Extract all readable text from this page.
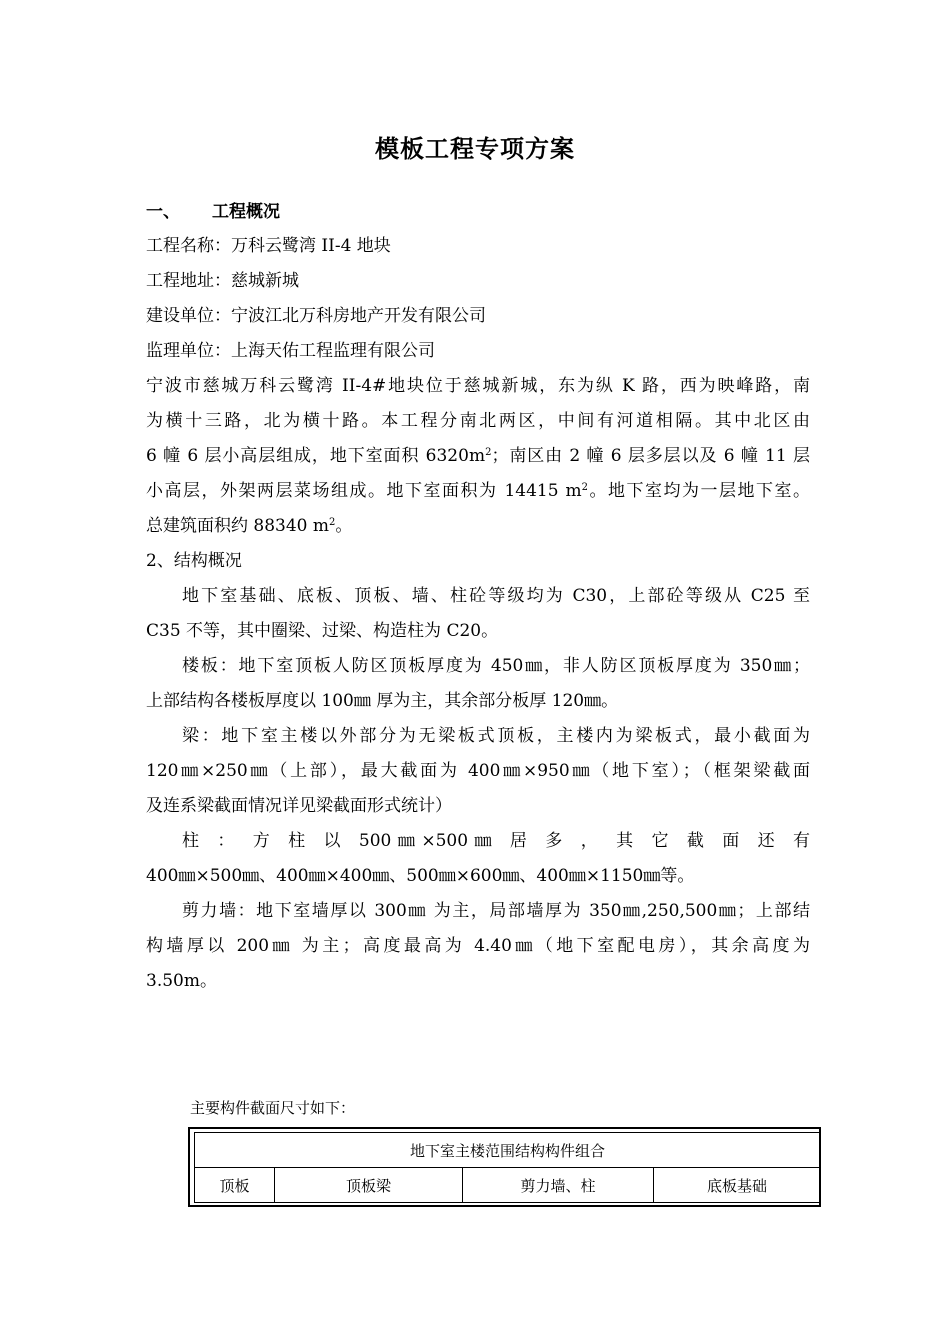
模板工程专项方案
一、 工程概况
工程名称：万科云鹭湾 II-4 地块
工程地址：慈城新城
建设单位：宁波江北万科房地产开发有限公司
监理单位：上海天佑工程监理有限公司
宁波市慈城万科云鹭湾 II-4#地块位于慈城新城，东为纵 K 路，西为映峰路，南
为横十三路，北为横十路。本工程分南北两区，中间有河道相隔。其中北区由
6 幢 6 层小高层组成，地下室面积 $6320m^2$；南区由 2 幢 6 层多层以及 6 幢 11 层
小高层，外架两层菜场组成。地下室面积为 14415 $m^2$。地下室均为一层地下室。
总建筑面积约 88340 $m^2$。
2、结构概况
地下室基础、底板、顶板、墙、柱砼等级均为 C30，上部砼等级从 C25 至
C35 不等，其中圈梁、过梁、构造柱为 C20。
楼板：地下室顶板人防区顶板厚度为 450㎜，非人防区顶板厚度为 350㎜；
上部结构各楼板厚度以 100㎜ 厚为主，其余部分板厚 120㎜。
梁：地下室主楼以外部分为无梁板式顶板，主楼内为梁板式，最小截面为
120㎜×250㎜（上部），最大截面为 400㎜×950㎜（地下室）；（框架梁截面
及连系梁截面情况详见梁截面形式统计）
柱 ： 方 柱 以 500㎜×500㎜ 居 多 ， 其 它 截 面 还 有
400㎜×500㎜、400㎜×400㎜、500㎜×600㎜、400㎜×1150㎜等。
剪力墙：地下室墙厚以 300㎜ 为主，局部墙厚为 350㎜,250,500㎜；上部结
构墙厚以 200㎜ 为主；高度最高为 4.40㎜（地下室配电房），其余高度为
3.50m。
主要构件截面尺寸如下：
地下室主楼范围结构构件组合
顶板	顶板梁	剪力墙、柱	底板基础
